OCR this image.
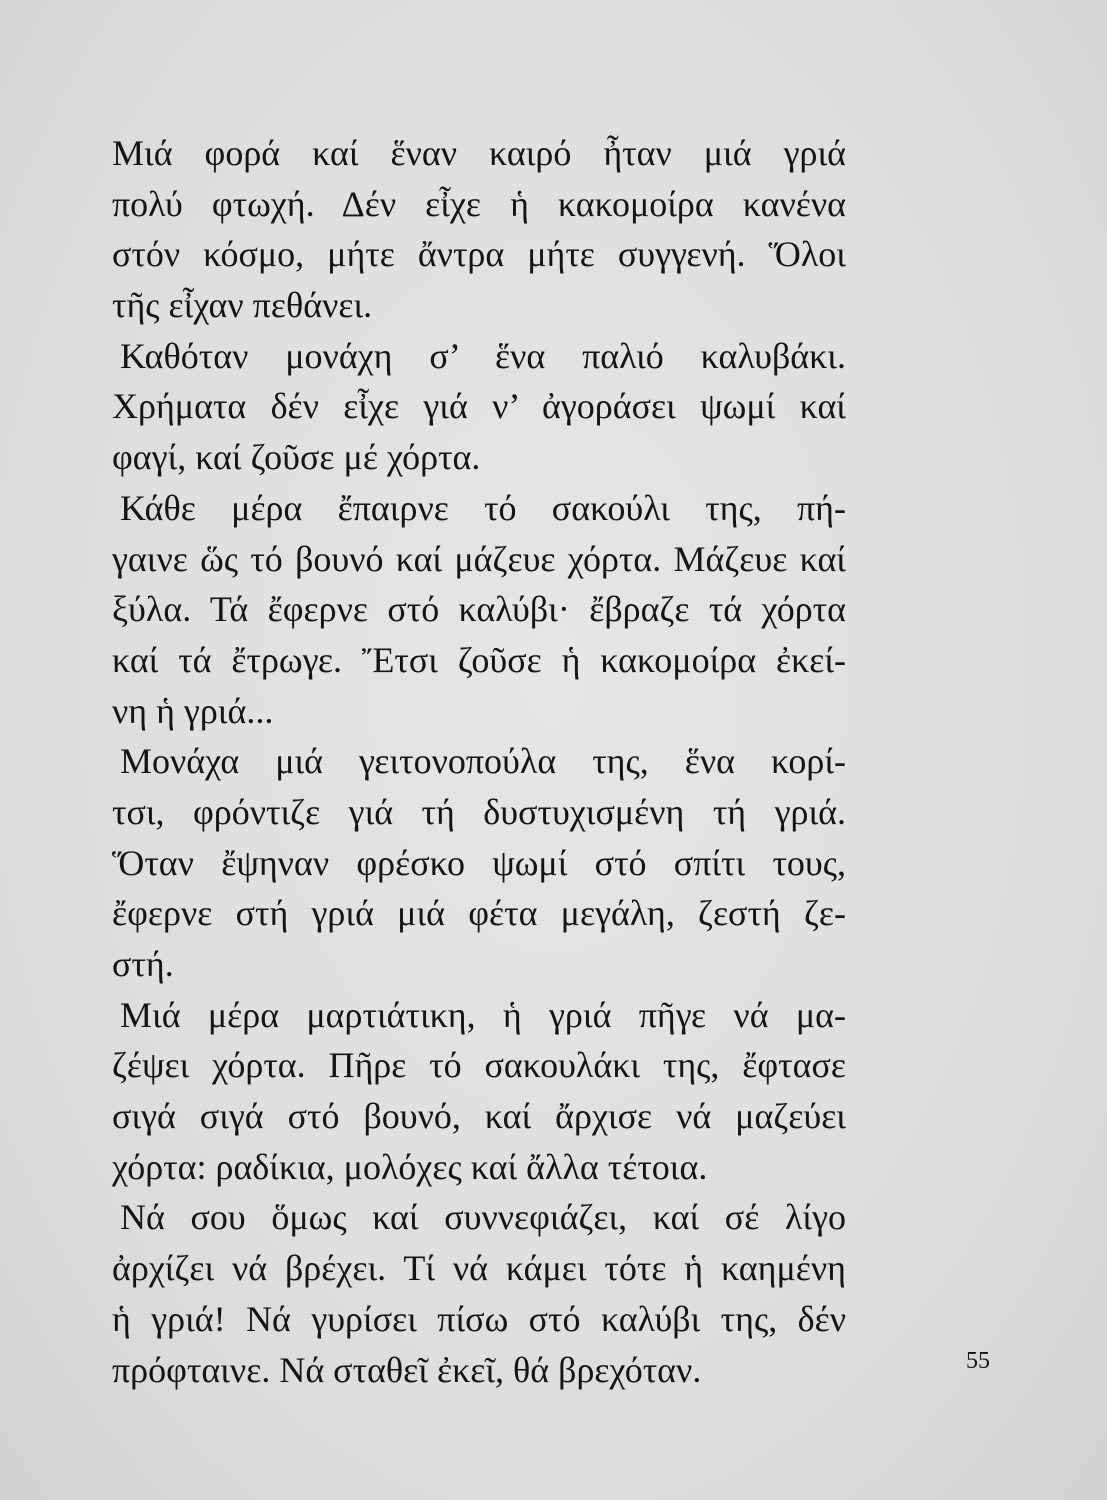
Μιά φορά καί ἕναν καιρό ἦταν μιά γριά
πολύ φτωχή. Δέν εἶχε ἡ κακομοίρα κανένα
στόν κόσμο, μήτε ἄντρα μήτε συγγενή. Ὅλοι
τῆς εἶχαν πεθάνει.
Καθόταν μονάχη σ’ ἕνα παλιό καλυβάκι.
Χρήματα δέν εἶχε γιά ν’ ἀγοράσει ψωμί καί
φαγί, καί ζοῦσε μέ χόρτα.
Κάθε μέρα ἔπαιρνε τό σακούλι της, πή-
γαινε ὥς τό βουνό καί μάζευε χόρτα. Μάζευε καί
ξύλα. Τά ἔφερνε στό καλύβι· ἔβραζε τά χόρτα
καί τά ἔτρωγε. Ἔτσι ζοῦσε ἡ κακομοίρα ἐκεί-
νη ἡ γριά...
Μονάχα μιά γειτονοπούλα της, ἕνα κορί-
τσι, φρόντιζε γιά τή δυστυχισμένη τή γριά.
Ὅταν ἔψηναν φρέσκο ψωμί στό σπίτι τους,
ἔφερνε στή γριά μιά φέτα μεγάλη, ζεστή ζε-
στή.
Μιά μέρα μαρτιάτικη, ἡ γριά πῆγε νά μα-
ζέψει χόρτα. Πῆρε τό σακουλάκι της, ἔφτασε
σιγά σιγά στό βουνό, καί ἄρχισε νά μαζεύει
χόρτα: ραδίκια, μολόχες καί ἄλλα τέτοια.
Νά σου ὅμως καί συννεφιάζει, καί σέ λίγο
ἀρχίζει νά βρέχει. Τί νά κάμει τότε ἡ καημένη
ἡ γριά! Νά γυρίσει πίσω στό καλύβι της, δέν
πρόφταινε. Νά σταθεῖ ἐκεῖ, θά βρεχόταν.	55
